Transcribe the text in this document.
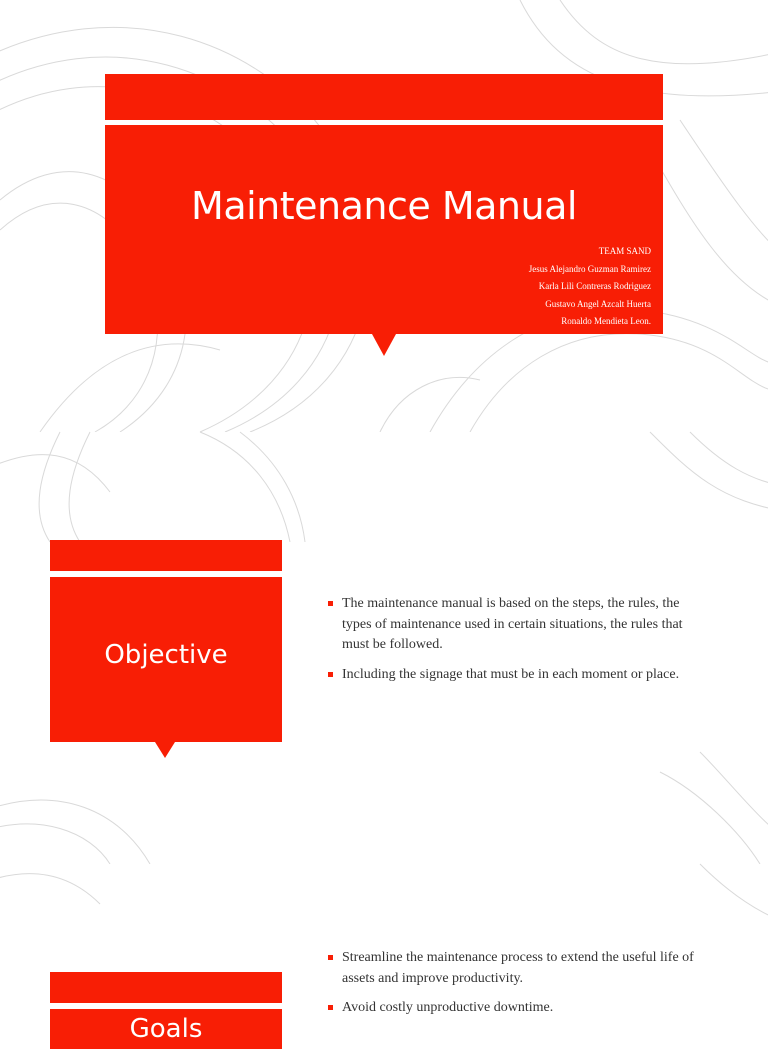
Maintenance Manual
TEAM SAND
Jesus Alejandro Guzman Ramirez
Karla Lili Contreras Rodriguez
Gustavo Angel Azcalt Huerta
Ronaldo Mendieta Leon.
Objective
The maintenance manual is based on the steps, the rules, the types of maintenance used in certain situations, the rules that must be followed.
Including the signage that must be in each moment or place.
Goals
Streamline the maintenance process to extend the useful life of assets and improve productivity.
Avoid costly unproductive downtime.
